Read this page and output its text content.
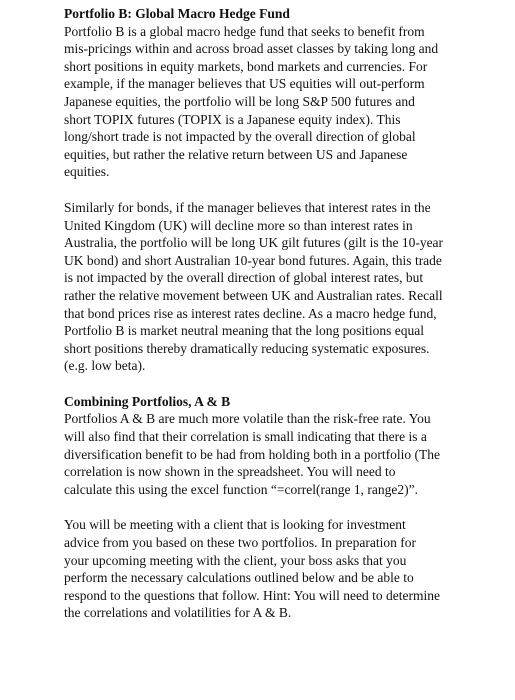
Portfolio B: Global Macro Hedge Fund
Portfolio B is a global macro hedge fund that seeks to benefit from mis-pricings within and across broad asset classes by taking long and short positions in equity markets, bond markets and currencies. For example, if the manager believes that US equities will out-perform Japanese equities, the portfolio will be long S&P 500 futures and short TOPIX futures (TOPIX is a Japanese equity index). This long/short trade is not impacted by the overall direction of global equities, but rather the relative return between US and Japanese equities.

Similarly for bonds, if the manager believes that interest rates in the United Kingdom (UK) will decline more so than interest rates in Australia, the portfolio will be long UK gilt futures (gilt is the 10-year UK bond) and short Australian 10-year bond futures. Again, this trade is not impacted by the overall direction of global interest rates, but rather the relative movement between UK and Australian rates. Recall that bond prices rise as interest rates decline. As a macro hedge fund, Portfolio B is market neutral meaning that the long positions equal short positions thereby dramatically reducing systematic exposures. (e.g. low beta).

Combining Portfolios, A & B
Portfolios A & B are much more volatile than the risk-free rate. You will also find that their correlation is small indicating that there is a diversification benefit to be had from holding both in a portfolio (The correlation is now shown in the spreadsheet. You will need to calculate this using the excel function “=correl(range 1, range2)”.

You will be meeting with a client that is looking for investment advice from you based on these two portfolios. In preparation for your upcoming meeting with the client, your boss asks that you perform the necessary calculations outlined below and be able to respond to the questions that follow. Hint: You will need to determine the correlations and volatilities for A & B.
